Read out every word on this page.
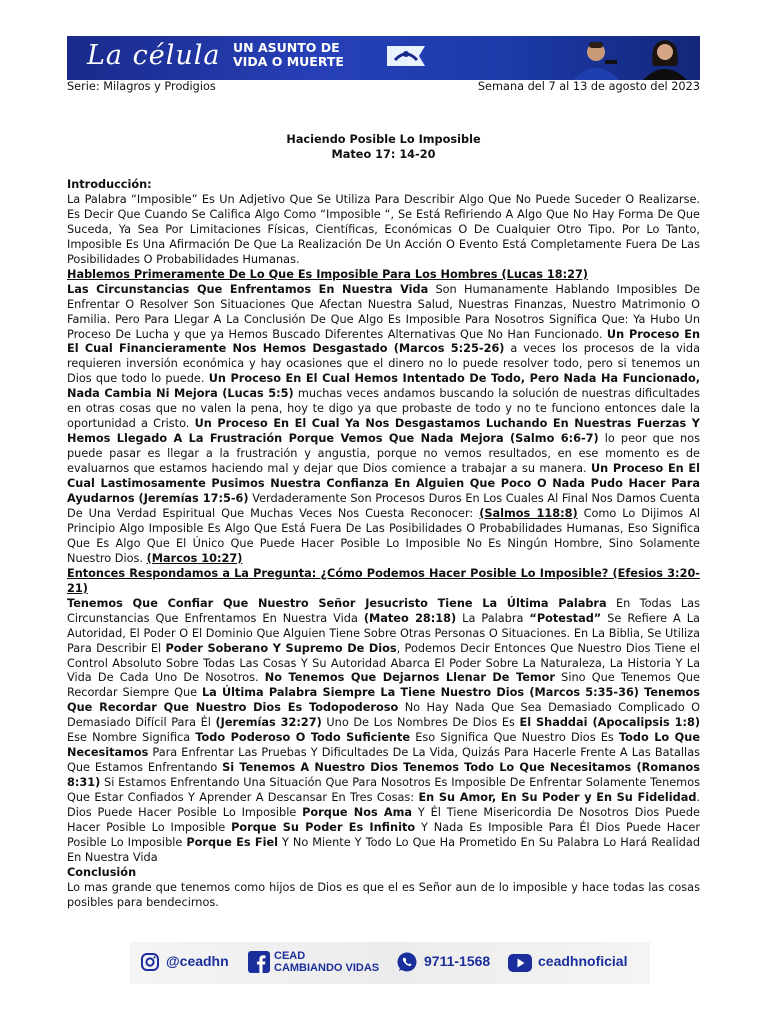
La célula UN ASUNTO DE
VIDA O MUERTE
Serie: Milagros y Prodigios	Semana del 7 al 13 de agosto del 2023
Haciendo Posible Lo Imposible
Mateo 17: 14-20

Introducción:

La Palabra “Imposible” Es Un Adjetivo Que Se Utiliza Para Describir Algo Que No Puede Suceder O Realizarse. Es Decir Que Cuando Se Califica Algo Como “Imposible “, Se Está Refiriendo A Algo Que No Hay Forma De Que Suceda, Ya Sea Por Limitaciones Físicas, Científicas, Económicas O De Cualquier Otro Tipo. Por Lo Tanto, Imposible Es Una Afirmación De Que La Realización De Un Acción O Evento Está Completamente Fuera De Las Posibilidades O Probabilidades Humanas.

Hablemos Primeramente De Lo Que Es Imposible Para Los Hombres (Lucas 18:27)
Las Circunstancias Que Enfrentamos En Nuestra Vida Son Humanamente Hablando Imposibles De Enfrentar O Resolver Son Situaciones Que Afectan Nuestra Salud, Nuestras Finanzas, Nuestro Matrimonio O Familia. Pero Para Llegar A La Conclusión De Que Algo Es Imposible Para Nosotros Significa Que: Ya Hubo Un Proceso De Lucha y que ya Hemos Buscado Diferentes Alternativas Que No Han Funcionado. Un Proceso En El Cual Financieramente Nos Hemos Desgastado (Marcos 5:25-26) a veces los procesos de la vida requieren inversión económica y hay ocasiones que el dinero no lo puede resolver todo, pero si tenemos un Dios que todo lo puede. Un Proceso En El Cual Hemos Intentado De Todo, Pero Nada Ha Funcionado, Nada Cambia Ni Mejora (Lucas 5:5) muchas veces andamos buscando la solución de nuestras dificultades en otras cosas que no valen la pena, hoy te digo ya que probaste de todo y no te funciono entonces dale la oportunidad a Cristo. Un Proceso En El Cual Ya Nos Desgastamos Luchando En Nuestras Fuerzas Y Hemos Llegado A La Frustración Porque Vemos Que Nada Mejora (Salmo 6:6-7) lo peor que nos puede pasar es llegar a la frustración y angustia, porque no vemos resultados, en ese momento es de evaluarnos que estamos haciendo mal y dejar que Dios comience a trabajar a su manera. Un Proceso En El Cual Lastimosamente Pusimos Nuestra Confianza En Alguien Que Poco O Nada Pudo Hacer Para Ayudarnos (Jeremías 17:5-6) Verdaderamente Son Procesos Duros En Los Cuales Al Final Nos Damos Cuenta De Una Verdad Espiritual Que Muchas Veces Nos Cuesta Reconocer: (Salmos 118:8) Como Lo Dijimos Al Principio Algo Imposible Es Algo Que Está Fuera De Las Posibilidades O Probabilidades Humanas, Eso Significa Que Es Algo Que El Único Que Puede Hacer Posible Lo Imposible No Es Ningún Hombre, Sino Solamente Nuestro Dios. (Marcos 10:27)

Entonces Respondamos a La Pregunta: ¿Cómo Podemos Hacer Posible Lo Imposible? (Efesios 3:20-21)
Tenemos Que Confiar Que Nuestro Señor Jesucristo Tiene La Última Palabra En Todas Las Circunstancias Que Enfrentamos En Nuestra Vida (Mateo 28:18) La Palabra “Potestad” Se Refiere A La Autoridad, El Poder O El Dominio Que Alguien Tiene Sobre Otras Personas O Situaciones. En La Biblia, Se Utiliza Para Describir El Poder Soberano Y Supremo De Dios, Podemos Decir Entonces Que Nuestro Dios Tiene el Control Absoluto Sobre Todas Las Cosas Y Su Autoridad Abarca El Poder Sobre La Naturaleza, La Historia Y La Vida De Cada Uno De Nosotros. No Tenemos Que Dejarnos Llenar De Temor Sino Que Tenemos Que Recordar Siempre Que La Última Palabra Siempre La Tiene Nuestro Dios (Marcos 5:35-36) Tenemos Que Recordar Que Nuestro Dios Es Todopoderoso No Hay Nada Que Sea Demasiado Complicado O Demasiado Difícil Para Él (Jeremías 32:27) Uno De Los Nombres De Dios Es El Shaddai (Apocalipsis 1:8) Ese Nombre Significa Todo Poderoso O Todo Suficiente Eso Significa Que Nuestro Dios Es Todo Lo Que Necesitamos Para Enfrentar Las Pruebas Y Dificultades De La Vida, Quizás Para Hacerle Frente A Las Batallas Que Estamos Enfrentando Si Tenemos A Nuestro Dios Tenemos Todo Lo Que Necesitamos (Romanos 8:31) Si Estamos Enfrentando Una Situación Que Para Nosotros Es Imposible De Enfrentar Solamente Tenemos Que Estar Confiados Y Aprender A Descansar En Tres Cosas: En Su Amor, En Su Poder y En Su Fidelidad. Dios Puede Hacer Posible Lo Imposible Porque Nos Ama Y Él Tiene Misericordia De Nosotros Dios Puede Hacer Posible Lo Imposible Porque Su Poder Es Infinito Y Nada Es Imposible Para Él Dios Puede Hacer Posible Lo Imposible Porque Es Fiel Y No Miente Y Todo Lo Que Ha Prometido En Su Palabra Lo Hará Realidad En Nuestra Vida

Conclusión

Lo mas grande que tenemos como hijos de Dios es que el es Señor aun de lo imposible y hace todas las cosas posibles para bendecirnos.

@ceadhn	CEAD
CAMBIANDO VIDAS	9711-1568	ceadhnoficial
